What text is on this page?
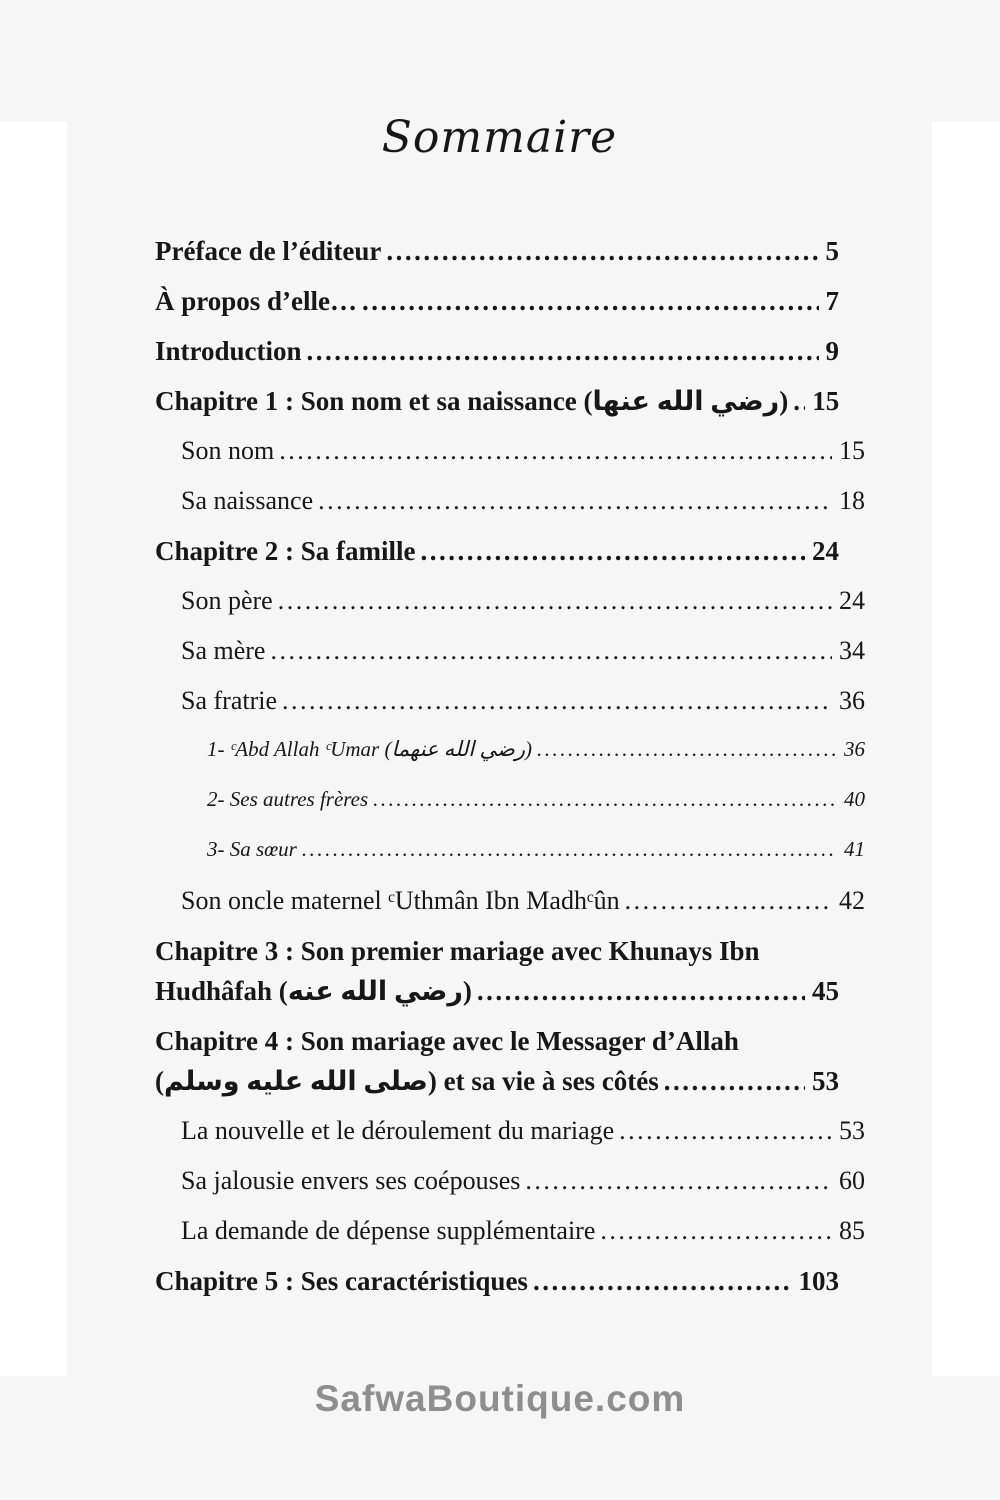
Sommaire
Préface de l’éditeur .....	5
À propos d’elle… .....	7
Introduction .....	9
Chapitre 1 : Son nom et sa naissance (رضي الله عنها) ..... 15
Son nom .....	15
Sa naissance .....	18
Chapitre 2 : Sa famille .....	24
Son père .....	24
Sa mère .....	34
Sa fratrie .....	36
1- ᶜAbd Allah ᶜUmar (رضي الله عنهما) .....	36
2- Ses autres frères .....	40
3- Sa sœur .....	41
Son oncle maternel ᶜUthmân Ibn Madhᶜûn .....	42
Chapitre 3 : Son premier mariage avec Khunays Ibn
Hudhâfah (رضي الله عنه) .....	45
Chapitre 4 : Son mariage avec le Messager d’Allah
(صلى الله عليه وسلم) et sa vie à ses côtés .....	53
La nouvelle et le déroulement du mariage .....	53
Sa jalousie envers ses coépouses .....	60
La demande de dépense supplémentaire .....	85
Chapitre 5 : Ses caractéristiques .....	103
SafwaBoutique.com
